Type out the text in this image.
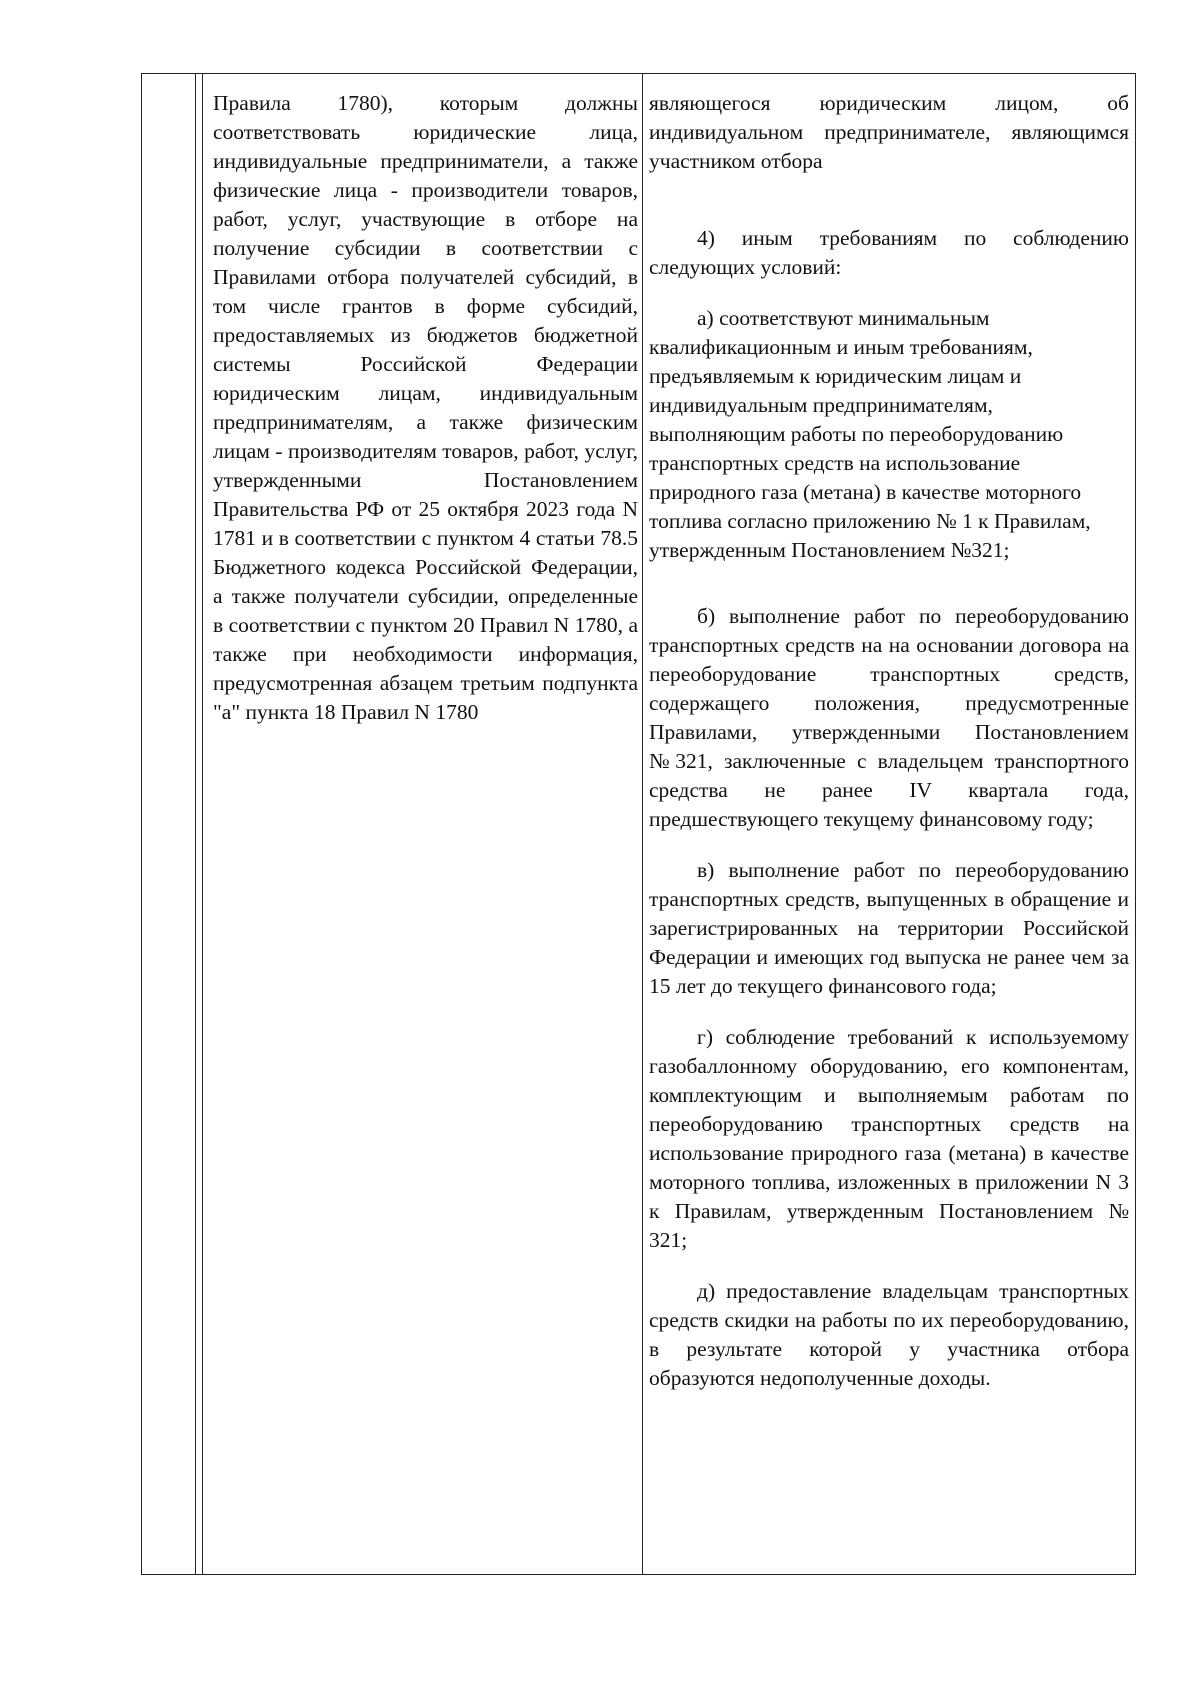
Правила 1780), которым должны соответствовать юридические лица, индивидуальные предприниматели, а также физические лица - производители товаров, работ, услуг, участвующие в отборе на получение субсидии в соответствии с Правилами отбора получателей субсидий, в том числе грантов в форме субсидий, предоставляемых из бюджетов бюджетной системы Российской Федерации юридическим лицам, индивидуальным предпринимателям, а также физическим лицам - производителям товаров, работ, услуг, утвержденными Постановлением Правительства РФ от 25 октября 2023 года N 1781 и в соответствии с пунктом 4 статьи 78.5 Бюджетного кодекса Российской Федерации, а также получатели субсидии, определенные в соответствии с пунктом 20 Правил N 1780, а также при необходимости информация, предусмотренная абзацем третьим подпункта "а" пункта 18 Правил N 1780

являющегося юридическим лицом, об индивидуальном предпринимателе, являющимся участником отбора

4) иным требованиям по соблюдению следующих условий:

а) соответствуют минимальным квалификационным и иным требованиям, предъявляемым к юридическим лицам и индивидуальным предпринимателям, выполняющим работы по переоборудованию транспортных средств на использование природного газа (метана) в качестве моторного топлива согласно приложению № 1 к Правилам, утвержденным Постановлением №321;

б) выполнение работ по переоборудованию транспортных средств на на основании договора на переоборудование транспортных средств, содержащего положения, предусмотренные Правилами, утвержденными Постановлением №321, заключенные с владельцем транспортного средства не ранее IV квартала года, предшествующего текущему финансовому году;

в) выполнение работ по переоборудованию транспортных средств, выпущенных в обращение и зарегистрированных на территории Российской Федерации и имеющих год выпуска не ранее чем за 15 лет до текущего финансового года;

г) соблюдение требований к используемому газобаллонному оборудованию, его компонентам, комплектующим и выполняемым работам по переоборудованию транспортных средств на использование природного газа (метана) в качестве моторного топлива, изложенных в приложении N 3 к Правилам, утвержденным Постановлением № 321;

д) предоставление владельцам транспортных средств скидки на работы по их переоборудованию, в результате которой у участника отбора образуются недополученные доходы.
